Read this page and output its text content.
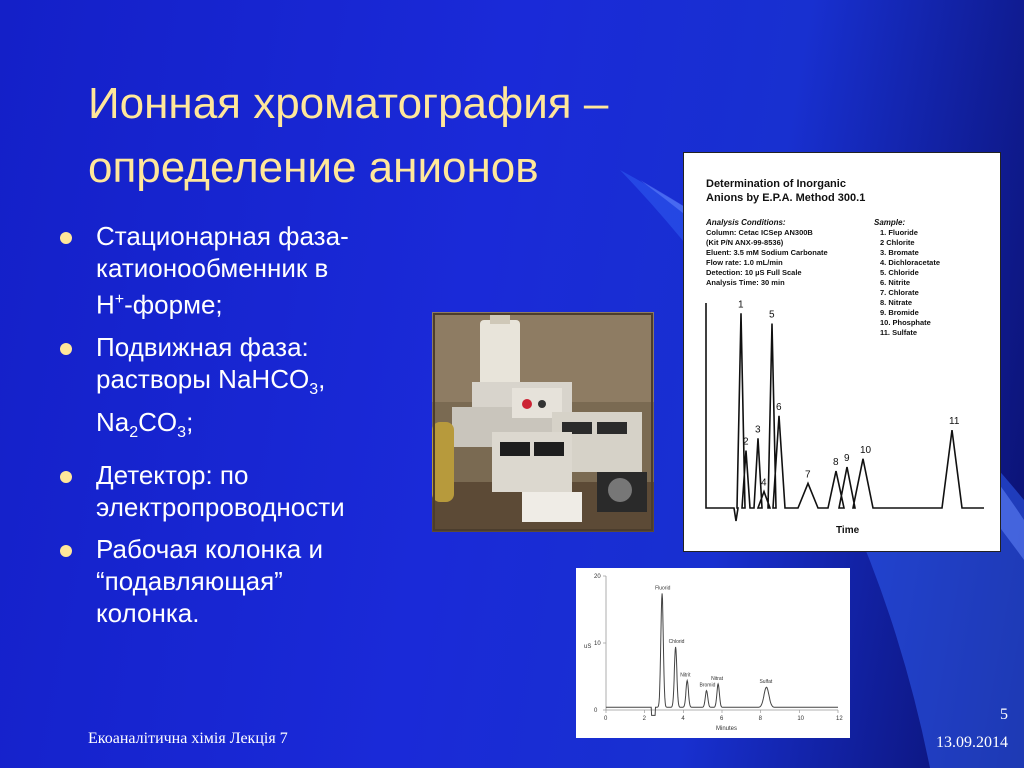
Ионная хроматография –
определение анионов
Стационарная фаза-
катионообменник в
H+-форме;
Подвижная фаза:
растворы NaHCO$_3$,
$Na_2CO_3$;
Детектор: по
электропроводности
Рабочая колонка и
“подавляющая”
колонка.
Determination of Inorganic
Anions by E.P.A. Method 300.1
Analysis Conditions:
Column: Cetac ICSep AN300B
(Kit P/N ANX-99-8536)
Eluent: 3.5 mM Sodium Carbonate
Flow rate: 1.0 mL/min
Detection: 10 µS Full Scale
Analysis Time: 30 min
Sample:
1. Fluoride
2 Chlorite
3. Bromate
4. Dichloracetate
5. Chloride
6. Nitrite
7. Chlorate
8. Nitrate
9. Bromide
10. Phosphate
11. Sulfate
1
2
3
4
5
6
7
8 9
10
11
Time
20
10
0
0	2	4	6	8	10	12
uS
Minutes
Fluorid
Chlorid
Nitrit
Bromid
Nitrat
Sulfat
Екоаналітична хімія Лекція 7
5
13.09.2014
